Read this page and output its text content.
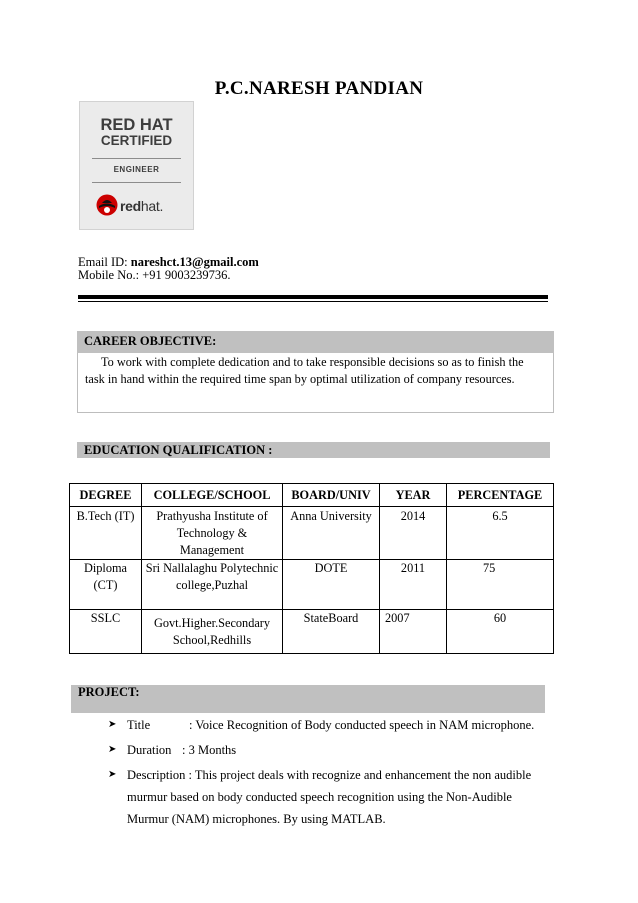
P.C.NARESH PANDIAN
RED HAT
CERTIFIED
ENGINEER
redhat.
Email ID: nareshct.13@gmail.com
Mobile No.: +91 9003239736.
CAREER OBJECTIVE:
To work with complete dedication and to take responsible decisions so as to finish the task in hand within the required time span by optimal utilization of company resources.
EDUCATION QUALIFICATION :
DEGREE	COLLEGE/SCHOOL	BOARD/UNIV	YEAR	PERCENTAGE
B.Tech (IT)	Prathyusha Institute of Technology & Management	Anna University	2014	6.5
Diploma (CT)	Sri Nallalaghu Polytechnic college,Puzhal	DOTE	2011	75
SSLC	Govt.Higher.Secondary School,Redhills	StateBoard	2007	60
PROJECT:
➤ Title	: Voice Recognition of Body conducted speech in NAM microphone.
➤ Duration : 3 Months
➤ Description : This project deals with recognize and enhancement the non audible murmur based on body conducted speech recognition using the Non-Audible Murmur (NAM) microphones. By using MATLAB.
